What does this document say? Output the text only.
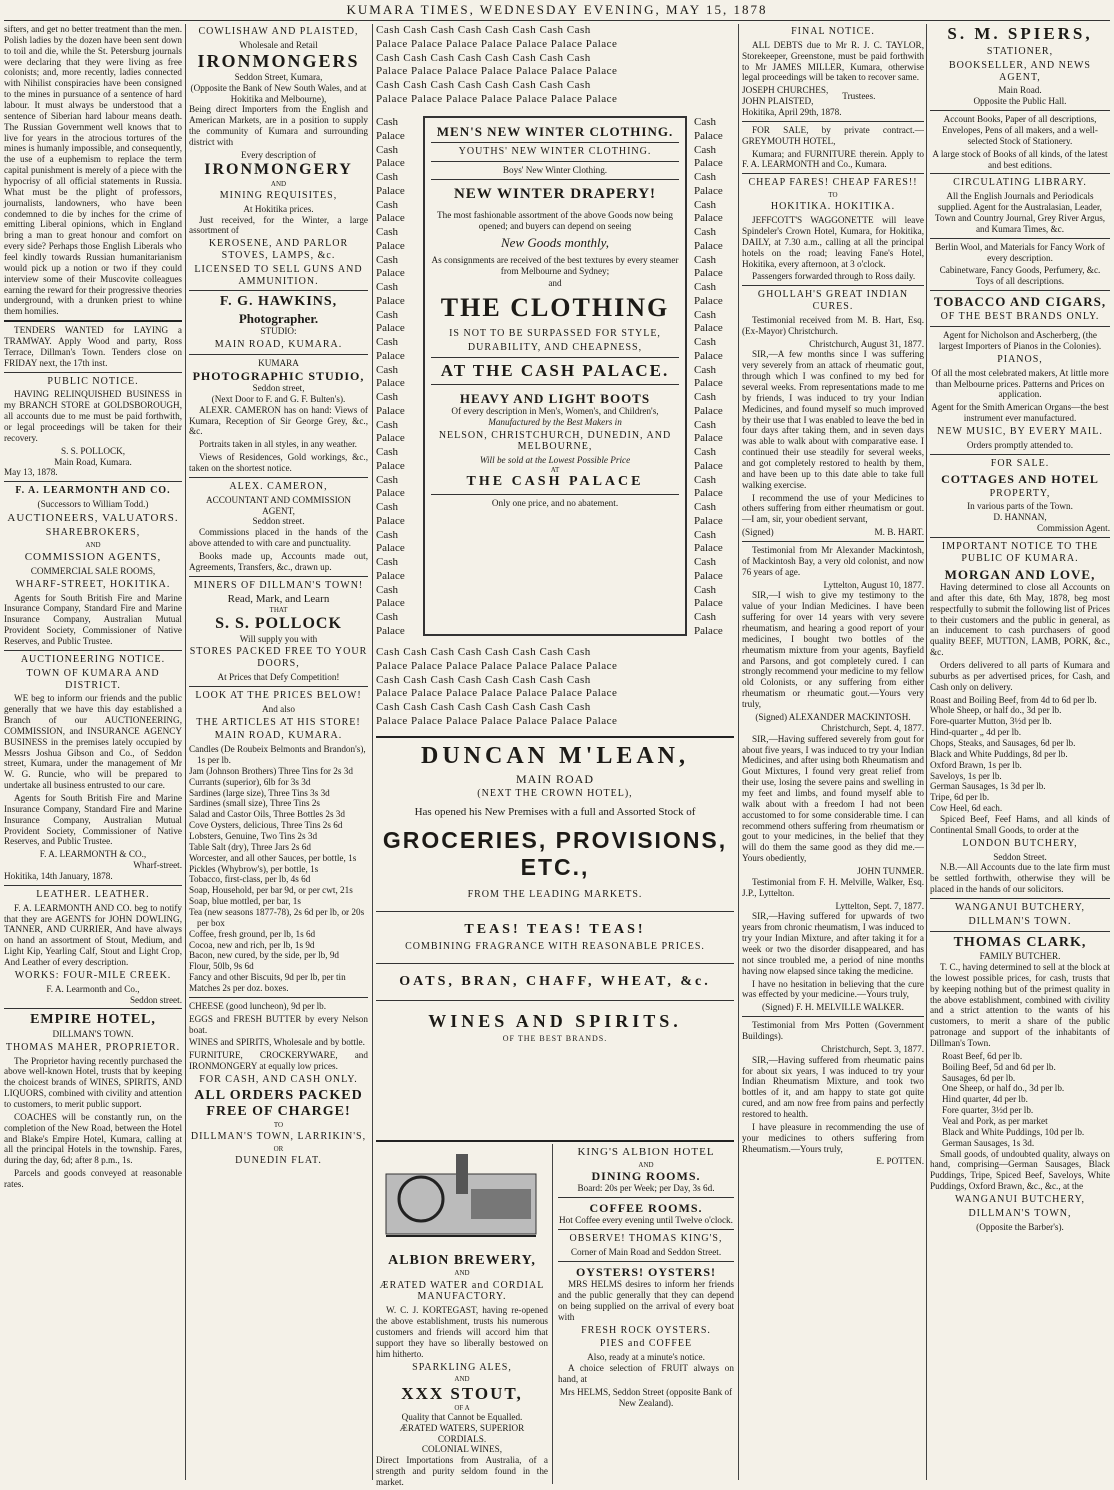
KUMARA TIMES, WEDNESDAY EVENING, MAY 15, 1878

sifters, and get no better treatment than the men. Polish ladies by the dozen have been sent down to toil and die, while the St. Petersburg journals were declaring that they were living as free colonists; and, more recently, ladies connected with Nihilist conspiracies have been consigned to the mines in pursuance of a sentence of hard labour. It must always be understood that a sentence of Siberian hard labour means death. The Russian Government well knows that to live for years in the atrocious tortures of the mines is humanly impossible, and consequently, the use of a euphemism to replace the term capital punishment is merely of a piece with the hypocrisy of all official statements in Russia. What must be the plight of professors, journalists, landowners, who have been condemned to die by inches for the crime of emitting Liberal opinions, which in England bring a man to great honour and comfort on every side? Perhaps those English Liberals who feel kindly towards Russian humanitarianism would pick up a notion or two if they could interview some of their Muscovite colleagues earning the reward for their progressive theories underground, with a drunken priest to whine them homilies.

TENDERS WANTED for LAYING a TRAMWAY. Apply Wood and party, Ross Terrace, Dillman's Town. Tenders close on FRIDAY next, the 17th inst.

PUBLIC NOTICE.

HAVING RELINQUISHED BUSINESS in my BRANCH STORE at GOLDSBOROUGH, all accounts due to me must be paid forthwith, or legal proceedings will be taken for their recovery.

S. S. POLLOCK,
Main Road, Kumara.
May 13, 1878.
F. A. LEARMONTH AND CO.
(Successors to William Todd.)
AUCTIONEERS, VALUATORS.
SHAREBROKERS,
AND
COMMISSION AGENTS,
COMMERCIAL SALE ROOMS,
WHARF-STREET, HOKITIKA.

Agents for South British Fire and Marine Insurance Company, Standard Fire and Marine Insurance Company, Australian Mutual Provident Society, Commissioner of Native Reserves, and Public Trustee.

AUCTIONEERING NOTICE.
TOWN OF KUMARA AND DISTRICT.

WE beg to inform our friends and the public generally that we have this day established a Branch of our AUCTIONEERING, COMMISSION, and INSURANCE AGENCY BUSINESS in the premises lately occupied by Messrs Joshua Gibson and Co., of Seddon street, Kumara, under the management of Mr W. G. Runcie, who will be prepared to undertake all business entrusted to our care.

Agents for South British Fire and Marine Insurance Company, Standard Fire and Marine Insurance Company, Australian Mutual Provident Society, Commissioner of Native Reserves, and Public Trustee.

F. A. LEARMONTH & CO.,
Wharf-street.
Hokitika, 14th January, 1878.
LEATHER. LEATHER.

F. A. LEARMONTH AND CO. beg to notify that they are AGENTS for JOHN DOWLING, TANNER, AND CURRIER, And have always on hand an assortment of Stout, Medium, and Light Kip, Yearling Calf, Stout and Light Crop, And Leather of every description.

WORKS: FOUR-MILE CREEK.
F. A. Learmonth and Co.,
Seddon street.
EMPIRE HOTEL,
DILLMAN'S TOWN.
THOMAS MAHER, PROPRIETOR.

The Proprietor having recently purchased the above well-known Hotel, trusts that by keeping the choicest brands of WINES, SPIRITS, AND LIQUORS, combined with civility and attention to customers, to merit public support.

COACHES will be constantly run, on the completion of the New Road, between the Hotel and Blake's Empire Hotel, Kumara, calling at all the principal Hotels in the township. Fares, during the day, 6d; after 8 p.m., 1s.

Parcels and goods conveyed at reasonable rates.

COWLISHAW AND PLAISTED,
Wholesale and Retail
IRONMONGERS
Seddon Street, Kumara,
(Opposite the Bank of New South Wales, and at Hokitika and Melbourne),

Being direct Importers from the English and American Markets, are in a position to supply the community of Kumara and surrounding district with

Every description of
IRONMONGERY
AND
MINING REQUISITES,
At Hokitika prices.

Just received, for the Winter, a large assortment of

KEROSENE, AND PARLOR STOVES, LAMPS, &c.
LICENSED TO SELL GUNS AND AMMUNITION.
F. G. HAWKINS,
Photographer.
STUDIO:
MAIN ROAD, KUMARA.
KUMARA
PHOTOGRAPHIC STUDIO,
Seddon street,
(Next Door to F. and G. F. Bulten's).

ALEXR. CAMERON has on hand: Views of Kumara, Reception of Sir George Grey, &c., &c.

Portraits taken in all styles, in any weather.

Views of Residences, Gold workings, &c., taken on the shortest notice.

ALEX. CAMERON,
ACCOUNTANT AND COMMISSION AGENT,
Seddon street.

Commissions placed in the hands of the above attended to with care and punctuality.

Books made up, Accounts made out, Agreements, Transfers, &c., drawn up.

MINERS OF DILLMAN'S TOWN!
Read, Mark, and Learn
THAT
S. S. POLLOCK
Will supply you with
STORES PACKED FREE TO YOUR DOORS,
At Prices that Defy Competition!
LOOK AT THE PRICES BELOW!
And also
THE ARTICLES AT HIS STORE!
MAIN ROAD, KUMARA.
Candles (De Roubeix Belmonts and Brandon's), 1s per lb.
Jam (Johnson Brothers) Three Tins for 2s 3d
Currants (superior), 6lb for 3s 3d
Sardines (large size), Three Tins 3s 3d
Sardines (small size), Three Tins 2s
Salad and Castor Oils, Three Bottles 2s 3d
Cove Oysters, delicious, Three Tins 2s 6d
Lobsters, Genuine, Two Tins 2s 3d
Table Salt (dry), Three Jars 2s 6d
Worcester, and all other Sauces, per bottle, 1s
Pickles (Whybrow's), per bottle, 1s
Tobacco, first-class, per lb, 4s 6d
Soap, Household, per bar 9d, or per cwt, 21s
Soap, blue mottled, per bar, 1s
Tea (new seasons 1877-78), 2s 6d per lb, or 20s per box
Coffee, fresh ground, per lb, 1s 6d
Cocoa, new and rich, per lb, 1s 9d
Bacon, new cured, by the side, per lb, 9d
Flour, 50lb, 9s 6d
Fancy and other Biscuits, 9d per lb, per tin
Matches 2s per doz. boxes.

CHEESE (good luncheon), 9d per lb.

EGGS and FRESH BUTTER by every Nelson boat.

WINES and SPIRITS, Wholesale and by bottle.

FURNITURE, CROCKERYWARE, and IRONMONGERY at equally low prices.

FOR CASH, AND CASH ONLY.
ALL ORDERS PACKED
FREE OF CHARGE!
TO
DILLMAN'S TOWN, LARRIKIN'S,
OR
DUNEDIN FLAT.
Cash Cash Cash Cash Cash Cash Cash Cash
Palace Palace Palace Palace Palace Palace Palace
Cash Cash Cash Cash Cash Cash Cash Cash
Palace Palace Palace Palace Palace Palace Palace
Cash Cash Cash Cash Cash Cash Cash Cash
Palace Palace Palace Palace Palace Palace Palace
Cash
Palace
Cash
Palace
Cash
Palace
Cash
Palace
Cash
Palace
Cash
Palace
Cash
Palace
Cash
Palace
Cash
Palace
Cash
Palace
Cash
Palace
Cash
Palace
Cash
Palace
Cash
Palace
Cash
Palace
Cash
Palace
Cash
Palace
Cash
Palace
Cash
Palace
Cash
Palace
Cash
Palace
Cash
Palace
Cash
Palace
Cash
Palace
Cash
Palace
Cash
Palace
Cash
Palace
Cash
Palace
Cash
Palace
Cash
Palace
Cash
Palace
Cash
Palace
Cash
Palace
Cash
Palace
Cash
Palace
Cash
Palace
Cash
Palace
Cash
Palace
MEN'S NEW WINTER CLOTHING.
YOUTHS' NEW WINTER CLOTHING.
Boys' New Winter Clothing.
NEW WINTER DRAPERY!

The most fashionable assortment of the above Goods now being opened; and buyers can depend on seeing

New Goods monthly,

As consignments are received of the best textures by every steamer from Melbourne and Sydney;

and
THE CLOTHING
IS NOT TO BE SURPASSED FOR STYLE,
DURABILITY, AND CHEAPNESS,
AT THE CASH PALACE.
HEAVY AND LIGHT BOOTS
Of every description in Men's, Women's, and Children's,
Manufactured by the Best Makers in
NELSON, CHRISTCHURCH, DUNEDIN, AND MELBOURNE,
Will be sold at the Lowest Possible Price
AT
THE CASH PALACE
Only one price, and no abatement.
Cash Cash Cash Cash Cash Cash Cash Cash
Palace Palace Palace Palace Palace Palace Palace
Cash Cash Cash Cash Cash Cash Cash Cash
Palace Palace Palace Palace Palace Palace Palace
Cash Cash Cash Cash Cash Cash Cash Cash
Palace Palace Palace Palace Palace Palace Palace
DUNCAN M'LEAN,
MAIN ROAD
(NEXT THE CROWN HOTEL),

Has opened his New Premises with a full and Assorted Stock of

GROCERIES, PROVISIONS, ETC.,
FROM THE LEADING MARKETS.
TEAS! TEAS! TEAS!
COMBINING FRAGRANCE WITH REASONABLE PRICES.
OATS, BRAN, CHAFF, WHEAT, &c.
WINES AND SPIRITS.
OF THE BEST BRANDS.
ALBION BREWERY,
AND
ÆRATED WATER and CORDIAL MANUFACTORY.

W. C. J. KORTEGAST, having re-opened the above establishment, trusts his numerous customers and friends will accord him that support they have so liberally bestowed on him hitherto.

SPARKLING ALES,
AND
XXX STOUT,
OF A
Quality that Cannot be Equalled.
ÆRATED WATERS, SUPERIOR CORDIALS.
COLONIAL WINES,

Direct Importations from Australia, of a strength and purity seldom found in the market.

KING'S ALBION HOTEL
AND
DINING ROOMS.
Board: 20s per Week; per Day, 3s 6d.
COFFEE ROOMS.
Hot Coffee every evening until Twelve o'clock.
OBSERVE! THOMAS KING'S,
Corner of Main Road and Seddon Street.
OYSTERS! OYSTERS!

MRS HELMS desires to inform her friends and the public generally that they can depend on being supplied on the arrival of every boat with

FRESH ROCK OYSTERS.
PIES and COFFEE
Also, ready at a minute's notice.

A choice selection of FRUIT always on hand, at

Mrs HELMS, Seddon Street (opposite Bank of New Zealand).

FINAL NOTICE.

ALL DEBTS due to Mr R. J. C. TAYLOR, Storekeeper, Greenstone, must be paid forthwith to Mr JAMES MILLER, Kumara, otherwise legal proceedings will be taken to recover same.

JOSEPH CHURCHES,
JOHN PLAISTED,
Trustees.
Hokitika, April 29th, 1878.

FOR SALE, by private contract.—GREYMOUTH HOTEL,

Kumara; and FURNITURE therein. Apply to F. A. LEARMONTH and Co., Kumara.

CHEAP FARES! CHEAP FARES!!
TO
HOKITIKA. HOKITIKA.

JEFFCOTT'S WAGGONETTE will leave Spindeler's Crown Hotel, Kumara, for Hokitika, DAILY, at 7.30 a.m., calling at all the principal hotels on the road; leaving Fane's Hotel, Hokitika, every afternoon, at 3 o'clock.

Passengers forwarded through to Ross daily.

GHOLLAH'S GREAT INDIAN CURES.

Testimonial received from M. B. Hart, Esq. (Ex-Mayor) Christchurch.

Christchurch, August 31, 1877.

SIR,—A few months since I was suffering very severely from an attack of rheumatic gout, through which I was confined to my bed for several weeks. From representations made to me by friends, I was induced to try your Indian Medicines, and found myself so much improved by their use that I was enabled to leave the bed in four days after taking them, and in seven days was able to walk about with comparative ease. I continued their use steadily for several weeks, and got completely restored to health by them, and have been up to this date able to take full walking exercise.

I recommend the use of your Medicines to others suffering from either rheumatism or gout.—I am, sir, your obedient servant,

(Signed)	M. B. HART.

Testimonial from Mr Alexander Mackintosh, of Mackintosh Bay, a very old colonist, and now 76 years of age.

Lyttelton, August 10, 1877.

SIR,—I wish to give my testimony to the value of your Indian Medicines. I have been suffering for over 14 years with very severe rheumatism, and hearing a good report of your medicines, I bought two bottles of the rheumatism mixture from your agents, Bayfield and Parsons, and got completely cured. I can strongly recommend your medicine to my fellow old Colonists, or any suffering from either rheumatism or rheumatic gout.—Yours very truly,

(Signed) ALEXANDER MACKINTOSH.
Christchurch, Sept. 4, 1877.

SIR,—Having suffered severely from gout for about five years, I was induced to try your Indian Medicines, and after using both Rheumatism and Gout Mixtures, I found very great relief from their use, losing the severe pains and swelling in my feet and limbs, and found myself able to walk about with a freedom I had not been accustomed to for some considerable time. I can recommend others suffering from rheumatism or gout to your medicines, in the belief that they will do them the same good as they did me.—Yours obediently,

JOHN TUNMER.

Testimonial from F. H. Melville, Walker, Esq. J.P., Lyttelton.

Lyttelton, Sept. 7, 1877.

SIR,—Having suffered for upwards of two years from chronic rheumatism, I was induced to try your Indian Mixture, and after taking it for a week or two the disorder disappeared, and has not since troubled me, a period of nine months having now elapsed since taking the medicine.

I have no hesitation in believing that the cure was effected by your medicine.—Yours truly,

(Signed) F. H. MELVILLE WALKER.

Testimonial from Mrs Potten (Government Buildings).

Christchurch, Sept. 3, 1877.

SIR,—Having suffered from rheumatic pains for about six years, I was induced to try your Indian Rheumatism Mixture, and took two bottles of it, and am happy to state got quite cured, and am now free from pains and perfectly restored to health.

I have pleasure in recommending the use of your medicines to others suffering from Rheumatism.—Yours truly,

E. POTTEN.
S. M. SPIERS,
STATIONER,
BOOKSELLER, AND NEWS AGENT,
Main Road.
Opposite the Public Hall.

Account Books, Paper of all descriptions, Envelopes, Pens of all makers, and a well-selected Stock of Stationery.

A large stock of Books of all kinds, of the latest and best editions.

CIRCULATING LIBRARY.

All the English Journals and Periodicals supplied. Agent for the Australasian, Leader, Town and Country Journal, Grey River Argus, and Kumara Times, &c.

Berlin Wool, and Materials for Fancy Work of every description.

Cabinetware, Fancy Goods, Perfumery, &c. Toys of all descriptions.

TOBACCO AND CIGARS,
OF THE BEST BRANDS ONLY.

Agent for Nicholson and Ascherberg, (the largest Importers of Pianos in the Colonies).

PIANOS,

Of all the most celebrated makers, At little more than Melbourne prices. Patterns and Prices on application.

Agent for the Smith American Organs—the best instrument ever manufactured.

NEW MUSIC, BY EVERY MAIL.
Orders promptly attended to.
FOR SALE.
COTTAGES AND HOTEL
PROPERTY,
In various parts of the Town.
D. HANNAN,
Commission Agent.
IMPORTANT NOTICE TO THE PUBLIC OF KUMARA.
MORGAN AND LOVE,

Having determined to close all Accounts on and after this date, 6th May, 1878, beg most respectfully to submit the following list of Prices to their customers and the public in general, as an inducement to cash purchasers of good quality BEEF, MUTTON, LAMB, PORK, &c., &c.

Orders delivered to all parts of Kumara and suburbs as per advertised prices, for Cash, and Cash only on delivery.

Roast and Boiling Beef, from 4d to 6d per lb.
Whole Sheep, or half do., 3d per lb.
Fore-quarter Mutton, 3½d per lb.
Hind-quarter „ 4d per lb.
Chops, Steaks, and Sausages, 6d per lb.
Black and White Puddings, 8d per lb.
Oxford Brawn, 1s per lb.
Saveloys, 1s per lb.
German Sausages, 1s 3d per lb.
Tripe, 6d per lb.
Cow Heel, 6d each.

Spiced Beef, Feef Hams, and all kinds of Continental Small Goods, to order at the

LONDON BUTCHERY,
Seddon Street.

N.B.—All Accounts due to the late firm must be settled forthwith, otherwise they will be placed in the hands of our solicitors.

WANGANUI BUTCHERY,
DILLMAN'S TOWN.
THOMAS CLARK,
FAMILY BUTCHER.

T. C., having determined to sell at the block at the lowest possible prices, for cash, trusts that by keeping nothing but of the primest quality in the above establishment, combined with civility and a strict attention to the wants of his customers, to merit a share of the public patronage and support of the inhabitants of Dillman's Town.

Roast Beef, 6d per lb.
Boiling Beef, 5d and 6d per lb.
Sausages, 6d per lb.
One Sheep, or half do., 3d per lb.
Hind quarter, 4d per lb.
Fore quarter, 3½d per lb.
Veal and Pork, as per market
Black and White Puddings, 10d per lb.
German Sausages, 1s 3d.

Small goods, of undoubted quality, always on hand, comprising—German Sausages, Black Puddings, Tripe, Spiced Beef, Saveloys, White Puddings, Oxford Brawn, &c., &c., at the

WANGANUI BUTCHERY,
DILLMAN'S TOWN,
(Opposite the Barber's).
